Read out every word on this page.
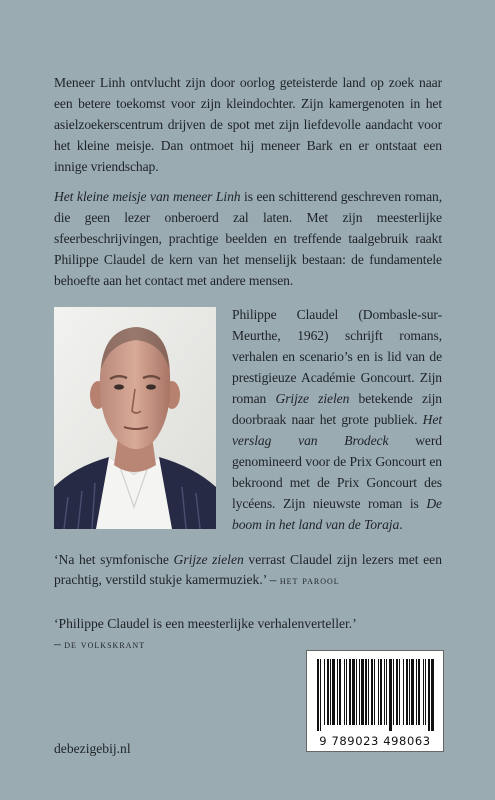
Meneer Linh ontvlucht zijn door oorlog geteisterde land op zoek naar een betere toekomst voor zijn kleindochter. Zijn kamergenoten in het asielzoekerscentrum drijven de spot met zijn liefdevolle aandacht voor het kleine meisje. Dan ontmoet hij meneer Bark en er ontstaat een innige vriendschap.

Het kleine meisje van meneer Linh is een schitterend geschreven roman, die geen lezer onberoerd zal laten. Met zijn meesterlijke sfeerbeschrijvingen, prachtige beelden en treffende taalgebruik raakt Philippe Claudel de kern van het menselijk bestaan: de fundamentele behoefte aan het contact met andere mensen.

Philippe Claudel (Dombasle-sur-Meurthe, 1962) schrijft romans, verhalen en scenario’s en is lid van de prestigieuze Académie Goncourt. Zijn roman Grijze zielen betekende zijn doorbraak naar het grote publiek. Het verslag van Brodeck werd genomineerd voor de Prix Goncourt en bekroond met de Prix Goncourt des lycéens. Zijn nieuwste roman is De boom in het land van de Toraja.

‘Na het symfonische Grijze zielen verrast Claudel zijn lezers met een prachtig, verstild stukje kamermuziek.’ – het parool

‘Philippe Claudel is een meesterlijke verhalenverteller.’
– de volkskrant

9 789023 498063
debezigebij.nl
